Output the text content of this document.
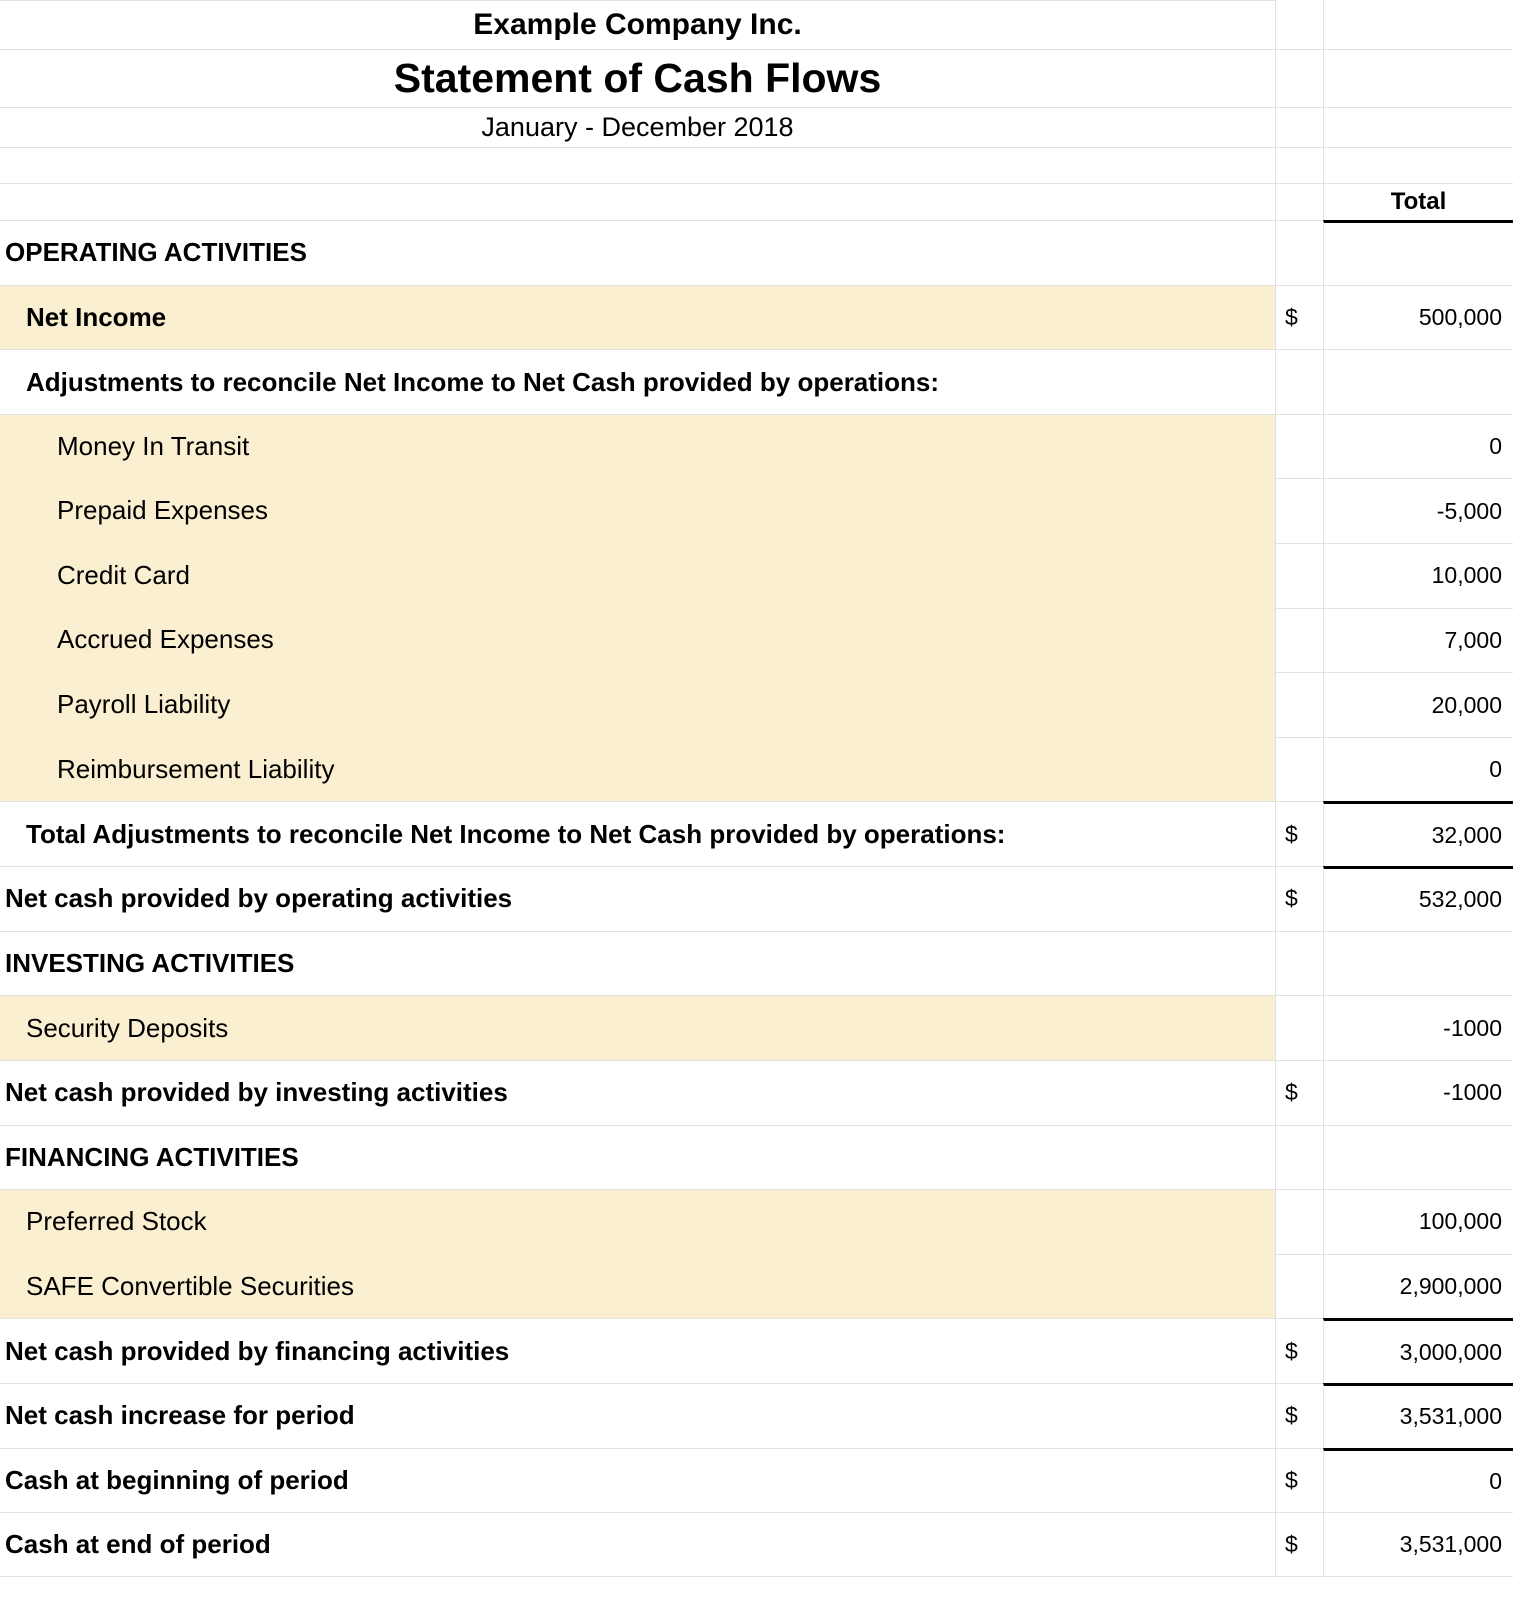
Example Company Inc.
Statement of Cash Flows
January - December 2018
Total
OPERATING ACTIVITIES
Net Income	$	500,000
Adjustments to reconcile Net Income to Net Cash provided by operations:
Money In Transit	0
Prepaid Expenses	-5,000
Credit Card	10,000
Accrued Expenses	7,000
Payroll Liability	20,000
Reimbursement Liability	0
Total Adjustments to reconcile Net Income to Net Cash provided by operations:	$	32,000
Net cash provided by operating activities	$	532,000
INVESTING ACTIVITIES
Security Deposits	-1000
Net cash provided by investing activities	$	-1000
FINANCING ACTIVITIES
Preferred Stock	100,000
SAFE Convertible Securities	2,900,000
Net cash provided by financing activities	$	3,000,000
Net cash increase for period	$	3,531,000
Cash at beginning of period	$	0
Cash at end of period	$	3,531,000
